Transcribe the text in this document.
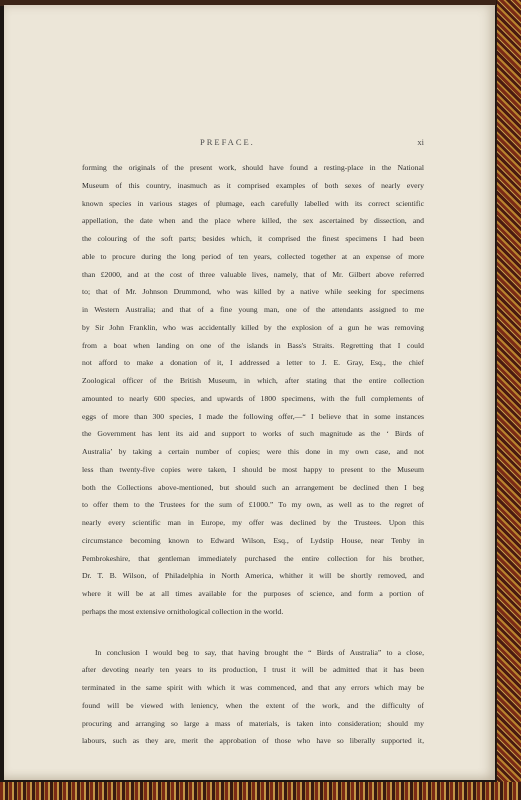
PREFACE.	xi
forming the originals of the present work, should have found a resting-place in the National
Museum of this country, inasmuch as it comprised examples of both sexes of nearly every
known species in various stages of plumage, each carefully labelled with its correct scientific
appellation, the date when and the place where killed, the sex ascertained by dissection, and
the colouring of the soft parts; besides which, it comprised the finest specimens I had been
able to procure during the long period of ten years, collected together at an expense of more
than £2000, and at the cost of three valuable lives, namely, that of Mr. Gilbert above referred
to; that of Mr. Johnson Drummond, who was killed by a native while seeking for specimens
in Western Australia; and that of a fine young man, one of the attendants assigned to me
by Sir John Franklin, who was accidentally killed by the explosion of a gun he was removing
from a boat when landing on one of the islands in Bass's Straits. Regretting that I could
not afford to make a donation of it, I addressed a letter to J. E. Gray, Esq., the chief
Zoological officer of the British Museum, in which, after stating that the entire collection
amounted to nearly 600 species, and upwards of 1800 specimens, with the full complements of
eggs of more than 300 species, I made the following offer,—“ I believe that in some instances
the Government has lent its aid and support to works of such magnitude as the ‘ Birds of
Australia’ by taking a certain number of copies; were this done in my own case, and not
less than twenty-five copies were taken, I should be most happy to present to the Museum
both the Collections above-mentioned, but should such an arrangement be declined then I beg
to offer them to the Trustees for the sum of £1000.” To my own, as well as to the regret of
nearly every scientific man in Europe, my offer was declined by the Trustees. Upon this
circumstance becoming known to Edward Wilson, Esq., of Lydstip House, near Tenby in
Pembrokeshire, that gentleman immediately purchased the entire collection for his brother,
Dr. T. B. Wilson, of Philadelphia in North America, whither it will be shortly removed, and
where it will be at all times available for the purposes of science, and form a portion of
perhaps the most extensive ornithological collection in the world.
In conclusion I would beg to say, that having brought the “ Birds of Australia” to a close,
after devoting nearly ten years to its production, I trust it will be admitted that it has been
terminated in the same spirit with which it was commenced, and that any errors which may be
found will be viewed with leniency, when the extent of the work, and the difficulty of
procuring and arranging so large a mass of materials, is taken into consideration; should my
labours, such as they are, merit the approbation of those who have so liberally supported it,
